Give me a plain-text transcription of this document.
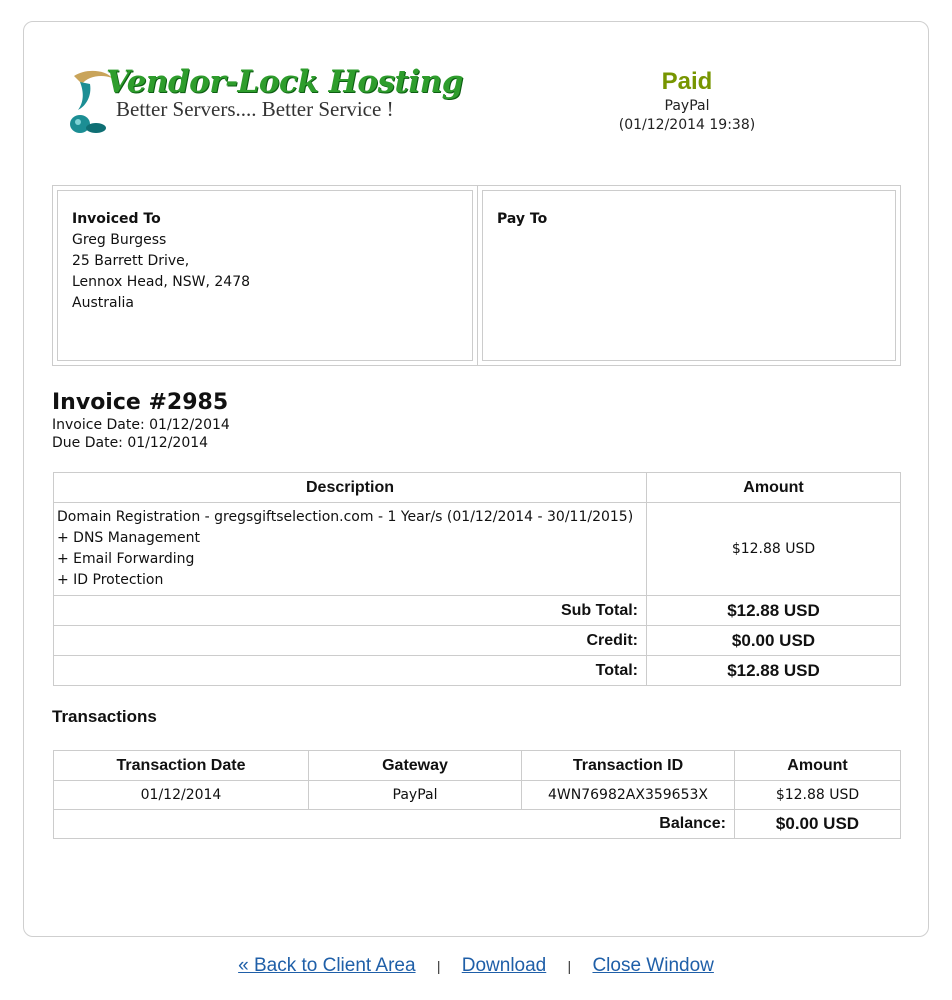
Vendor-Lock Hosting
Better Servers.... Better Service !
Paid
PayPal
(01/12/2014 19:38)
Invoiced To
Greg Burgess
25 Barrett Drive,
Lennox Head, NSW, 2478
Australia
Pay To
Invoice #2985
Invoice Date: 01/12/2014
Due Date: 01/12/2014
Description	Amount

Domain Registration - gregsgiftselection.com - 1 Year/s (01/12/2014 - 30/11/2015)
+ DNS Management
+ Email Forwarding
+ ID Protection	$12.88 USD
Sub Total:	$12.88 USD
Credit:	$0.00 USD
Total:	$12.88 USD
Transactions
Transaction Date	Gateway	Transaction ID	Amount
01/12/2014	PayPal	4WN76982AX359653X	$12.88 USD
Balance:			$0.00 USD
« Back to Client Area | Download | Close Window
